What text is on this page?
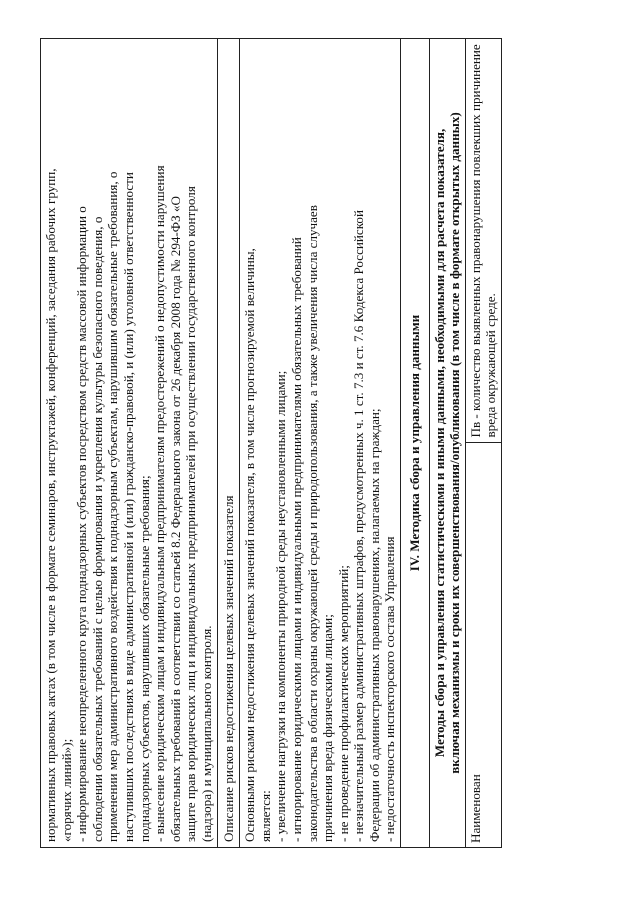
нормативных правовых актах (в том числе в формате семинаров, инструктажей, конференций, заседания рабочих групп, «горячих линий»); - информирование неопределенного круга поднадзорных субъектов посредством средств массовой информации о соблюдении обязательных требований с целью формирования и укрепления культуры безопасного поведения, о применении мер административного воздействия к поднадзорным субъектам, нарушившим обязательные требования, о наступивших последствиях в виде административной и (или) гражданско-правовой, и (или) уголовной ответственности поднадзорных субъектов, нарушивших обязательные требования; - вынесение юридическим лицам и индивидуальным предпринимателям предостережений о недопустимости нарушения обязательных требований в соответствии со статьей 8.2 Федерального закона от 26 декабря 2008 года № 294-ФЗ «О защите прав юридических лиц и индивидуальных предпринимателей при осуществлении государственного контроля (надзора) и муниципального контроля.

Описание рисков недостижения целевых значений показателя

Основными рисками недостижения целевых значений показателя, в том числе прогнозируемой величины, является: - увеличение нагрузки на компоненты природной среды неустановленными лицами; - игнорирование юридическими лицами и индивидуальными предпринимателями обязательных требований законодательства в области охраны окружающей среды и природопользования, а также увеличения числа случаев причинения вреда физическими лицами; - не проведение профилактических мероприятий; - незначительный размер административных штрафов, предусмотренных ч. 1 ст. 7.3 и ст. 7.6 Кодекса Российской Федерации об административных правонарушениях, налагаемых на граждан; - недостаточность инспекторского состава Управления

IV. Методика сбора и управления данными

Методы сбора и управления статистическими и иными данными, необходимыми для расчета показателя, включая механизмы и сроки их совершенствования/опубликования (в том числе в формате открытых данных)

Наименован	Пв - количество выявленных правонарушения повлекших причинение вреда окружающей среде.
